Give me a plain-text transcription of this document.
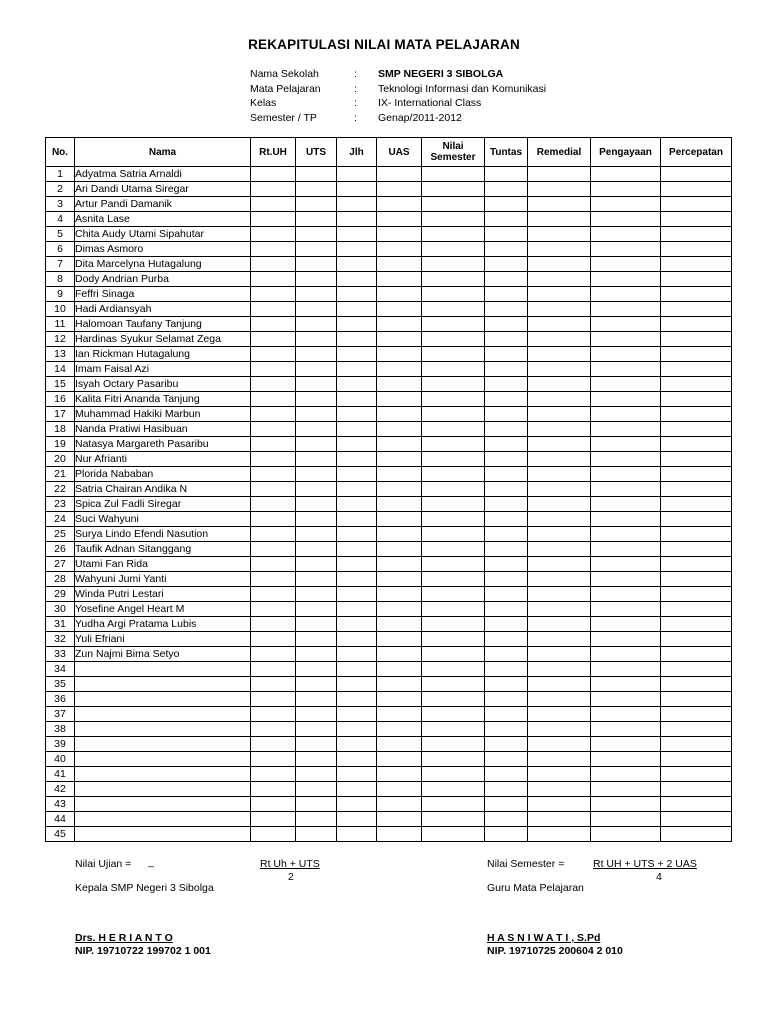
REKAPITULASI NILAI MATA PELAJARAN
Nama Sekolah	: SMP NEGERI 3 SIBOLGA
Mata Pelajaran	: Teknologi Informasi dan Komunikasi
Kelas	: IX- International Class
Semester / TP	: Genap/2011-2012
No.	Nama	Rt.UH	UTS	Jlh	UAS	Nilai Semester	Tuntas	Remedial	Pengayaan	Percepatan
1	Adyatma Satria Arnaldi									
2	Ari Dandi Utama Siregar									
3	Artur Pandi Damanik									
4	Asnita Lase									
5	Chita Audy Utami Sipahutar									
6	Dimas Asmoro									
7	Dita Marcelyna Hutagalung									
8	Dody Andrian Purba									
9	Feffri Sinaga									
10	Hadi Ardiansyah									
11	Halomoan Taufany Tanjung									
12	Hardinas Syukur Selamat Zega									
13	Ian Rickman Hutagalung									
14	Imam Faisal Azi									
15	Isyah Octary Pasaribu									
16	Kalita Fitri Ananda Tanjung									
17	Muhammad Hakiki Marbun									
18	Nanda Pratiwi Hasibuan									
19	Natasya Margareth Pasaribu									
20	Nur Afrianti									
21	Plorida Nababan									
22	Satria Chairan Andika N									
23	Spica Zul Fadli Siregar									
24	Suci Wahyuni									
25	Surya Lindo Efendi Nasution									
26	Taufik Adnan Sitanggang									
27	Utami Fan Rida									
28	Wahyuni Jumi Yanti									
29	Winda Putri Lestari									
30	Yosefine Angel Heart M									
31	Yudha Argi Pratama Lubis									
32	Yuli Efriani									
33	Zun Najmi Bima Setyo									
34										
35										
36										
37										
38										
39										
40										
41										
42										
43										
44										
45										
Nilai Ujian = _	Rt Uh + UTS
2
Nilai Semester =	Rt UH + UTS + 2 UAS
4
Kepala SMP Negeri 3 Sibolga	Guru Mata Pelajaran
Drs. H E R I A N T O
NIP. 19710722 199702 1 001
H A S N I W A T I , S.Pd
NIP. 19710725 200604 2 010
